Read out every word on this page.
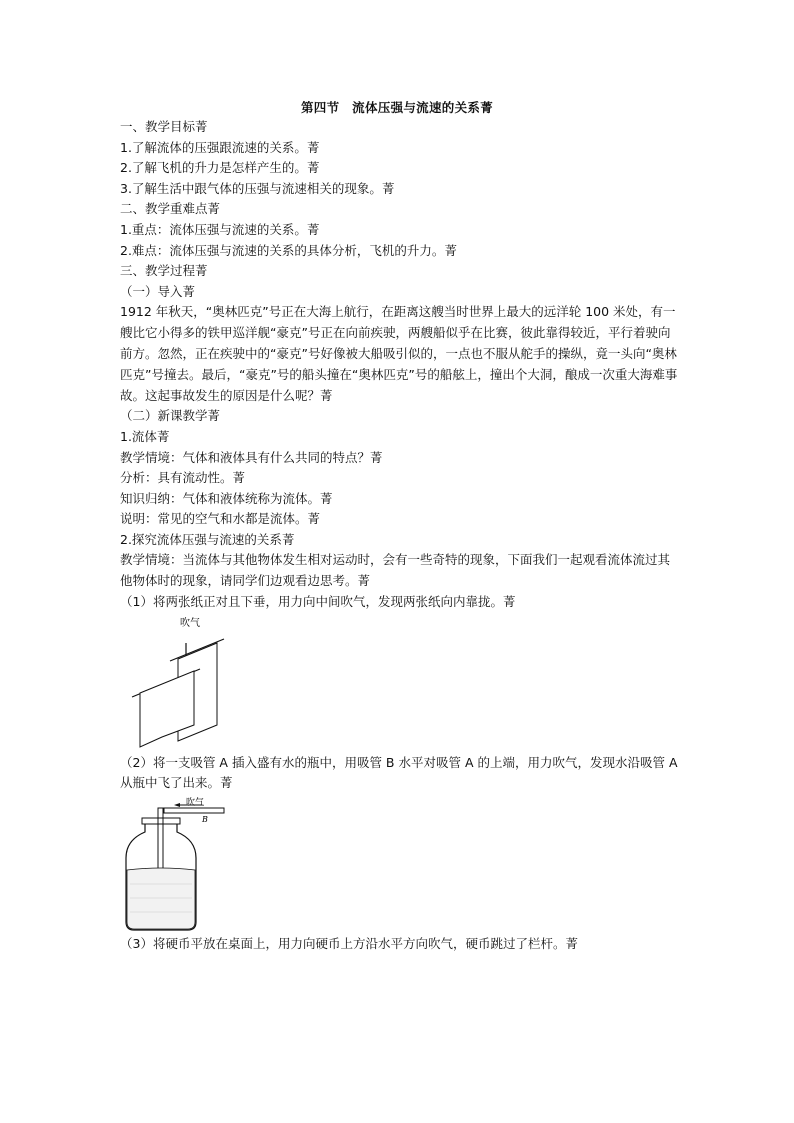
第四节　流体压强与流速的关系菁
一、教学目标菁
1.了解流体的压强跟流速的关系。菁
2.了解飞机的升力是怎样产生的。菁
3.了解生活中跟气体的压强与流速相关的现象。菁
二、教学重难点菁
1.重点：流体压强与流速的关系。菁
2.难点：流体压强与流速的关系的具体分析，飞机的升力。菁
三、教学过程菁
（一）导入菁
1912 年秋天，“奥林匹克”号正在大海上航行，在距离这艘当时世界上最大的远洋轮 100 米处，有一艘比它小得多的铁甲巡洋舰“豪克”号正在向前疾驶，两艘船似乎在比赛，彼此靠得较近，平行着驶向前方。忽然，正在疾驶中的“豪克”号好像被大船吸引似的，一点也不服从舵手的操纵，竟一头向“奥林匹克”号撞去。最后，“豪克”号的船头撞在“奥林匹克”号的船舷上，撞出个大洞，酿成一次重大海难事故。这起事故发生的原因是什么呢？菁
（二）新课教学菁
1.流体菁
教学情境：气体和液体具有什么共同的特点？菁
分析：具有流动性。菁
知识归纳：气体和液体统称为流体。菁
说明：常见的空气和水都是流体。菁
2.探究流体压强与流速的关系菁
教学情境：当流体与其他物体发生相对运动时，会有一些奇特的现象，下面我们一起观看流体流过其他物体时的现象，请同学们边观看边思考。菁
（1）将两张纸正对且下垂，用力向中间吹气，发现两张纸向内靠拢。菁
吹气
（2）将一支吸管 A 插入盛有水的瓶中，用吸管 B 水平对吸管 A 的上端，用力吹气，发现水沿吸管 A 从瓶中飞了出来。菁
吹气
B
（3）将硬币平放在桌面上，用力向硬币上方沿水平方向吹气，硬币跳过了栏杆。菁
